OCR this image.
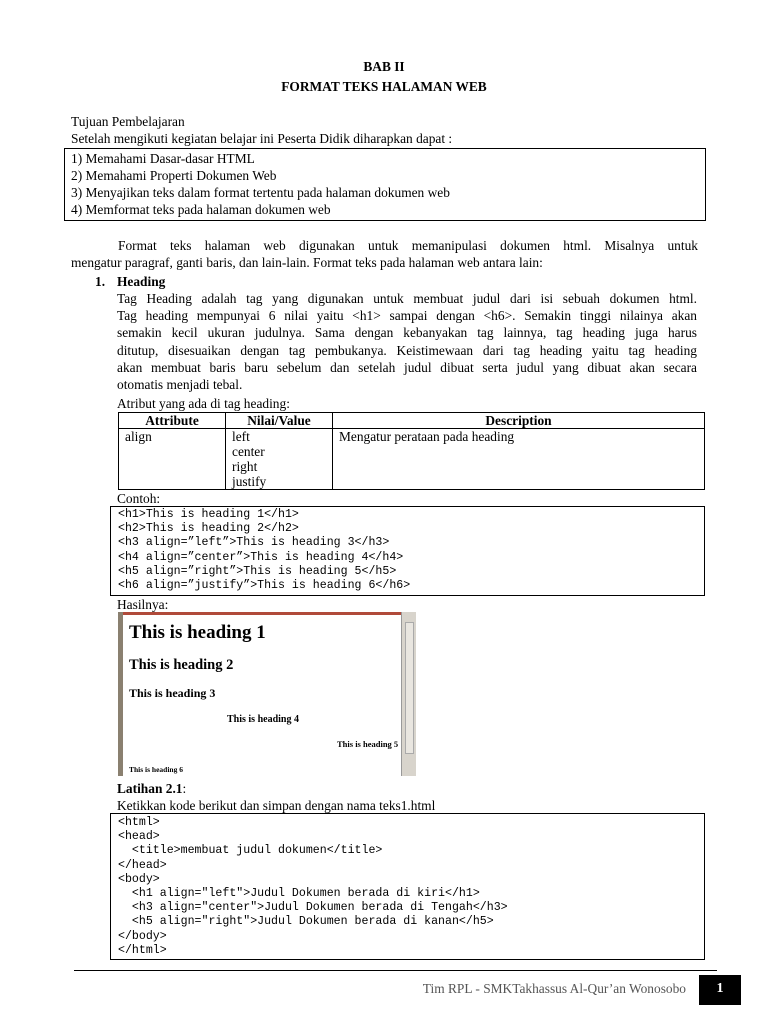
BAB II
FORMAT TEKS HALAMAN WEB
Tujuan Pembelajaran
Setelah mengikuti kegiatan belajar ini Peserta Didik diharapkan dapat :
1) Memahami Dasar-dasar HTML
2) Memahami Properti Dokumen Web
3) Menyajikan teks dalam format tertentu pada halaman dokumen web
4) Memformat teks pada halaman dokumen web
Format teks halaman web digunakan untuk memanipulasi dokumen html. Misalnya untuk
mengatur paragraf, ganti baris, dan lain-lain. Format teks pada halaman web antara lain:
1. Heading
Tag Heading adalah tag yang digunakan untuk membuat judul dari isi sebuah dokumen html.
Tag heading mempunyai 6 nilai yaitu <h1> sampai dengan <h6>. Semakin tinggi nilainya akan
semakin kecil ukuran judulnya. Sama dengan kebanyakan tag lainnya, tag heading juga harus
ditutup, disesuaikan dengan tag pembukanya. Keistimewaan dari tag heading yaitu tag heading
akan membuat baris baru sebelum dan setelah judul dibuat serta judul yang dibuat akan secara
otomatis menjadi tebal.
Atribut yang ada di tag heading:
Attribute	Nilai/Value	Description
align	left
center
right
justify	Mengatur perataan pada heading
Contoh:
<h1>This is heading 1</h1>
<h2>This is heading 2</h2>
<h3 align=”left”>This is heading 3</h3>
<h4 align=”center”>This is heading 4</h4>
<h5 align=”right”>This is heading 5</h5>
<h6 align=”justify”>This is heading 6</h6>
Hasilnya:
This is heading 1
This is heading 2
This is heading 3
This is heading 4
This is heading 5
This is heading 6
Latihan 2.1:
Ketikkan kode berikut dan simpan dengan nama teks1.html
<html>
<head>
<title>membuat judul dokumen</title>
</head>
<body>
<h1 align="left">Judul Dokumen berada di kiri</h1>
<h3 align="center">Judul Dokumen berada di Tengah</h3>
<h5 align="right">Judul Dokumen berada di kanan</h5>
</body>
</html>
Tim RPL - SMKTakhassus Al-Qur’an Wonosobo	1
